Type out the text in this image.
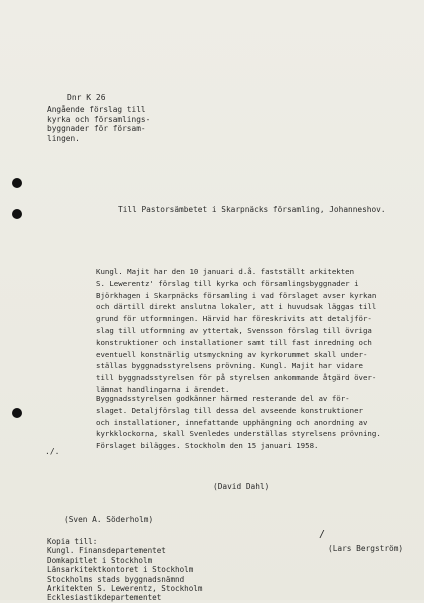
Dnr K 26
Angående förslag till
kyrka och församlings-
byggnader för försam-
lingen.
Till Pastorsämbetet i Skarpnäcks församling, Johanneshov.
Kungl. Majit har den 10 januari d.å. fastställt arkitekten
S. Lewerentz' förslag till kyrka och församlingsbyggnader i
Björkhagen i Skarpnäcks församling i vad förslaget avser kyrkan
och därtill direkt anslutna lokaler, att i huvudsak läggas till
grund för utformningen. Härvid har föreskrivits att detaljför-
slag till utformning av yttertak, Svensson förslag till övriga
konstruktioner och installationer samt till fast inredning och
eventuell konstnärlig utsmyckning av kyrkorummet skall under-
ställas byggnadsstyrelsens prövning. Kungl. Majit har vidare
till byggnadsstyrelsen för på styrelsen ankommande åtgärd över-
lämnat handlingarna i ärendet.
Byggnadsstyrelsen godkänner härmed resterande del av för-
slaget. Detaljförslag till dessa del avseende konstruktioner
och installationer, innefattande upphängning och anordning av
kyrkklockorna, skall Svenledes underställas styrelsens prövning.
Förslaget bilägges. Stockholm den 15 januari 1958.
./.
(David Dahl)
(Sven A. Söderholm)
/
(Lars Bergström)
Kopia till:
Kungl. Finansdepartementet
Domkapitlet i Stockholm
Länsarkitektkontoret i Stockholm
Stockholms stads byggnadsnämnd
Arkitekten S. Lewerentz, Stockholm
Ecklesiastikdepartementet
